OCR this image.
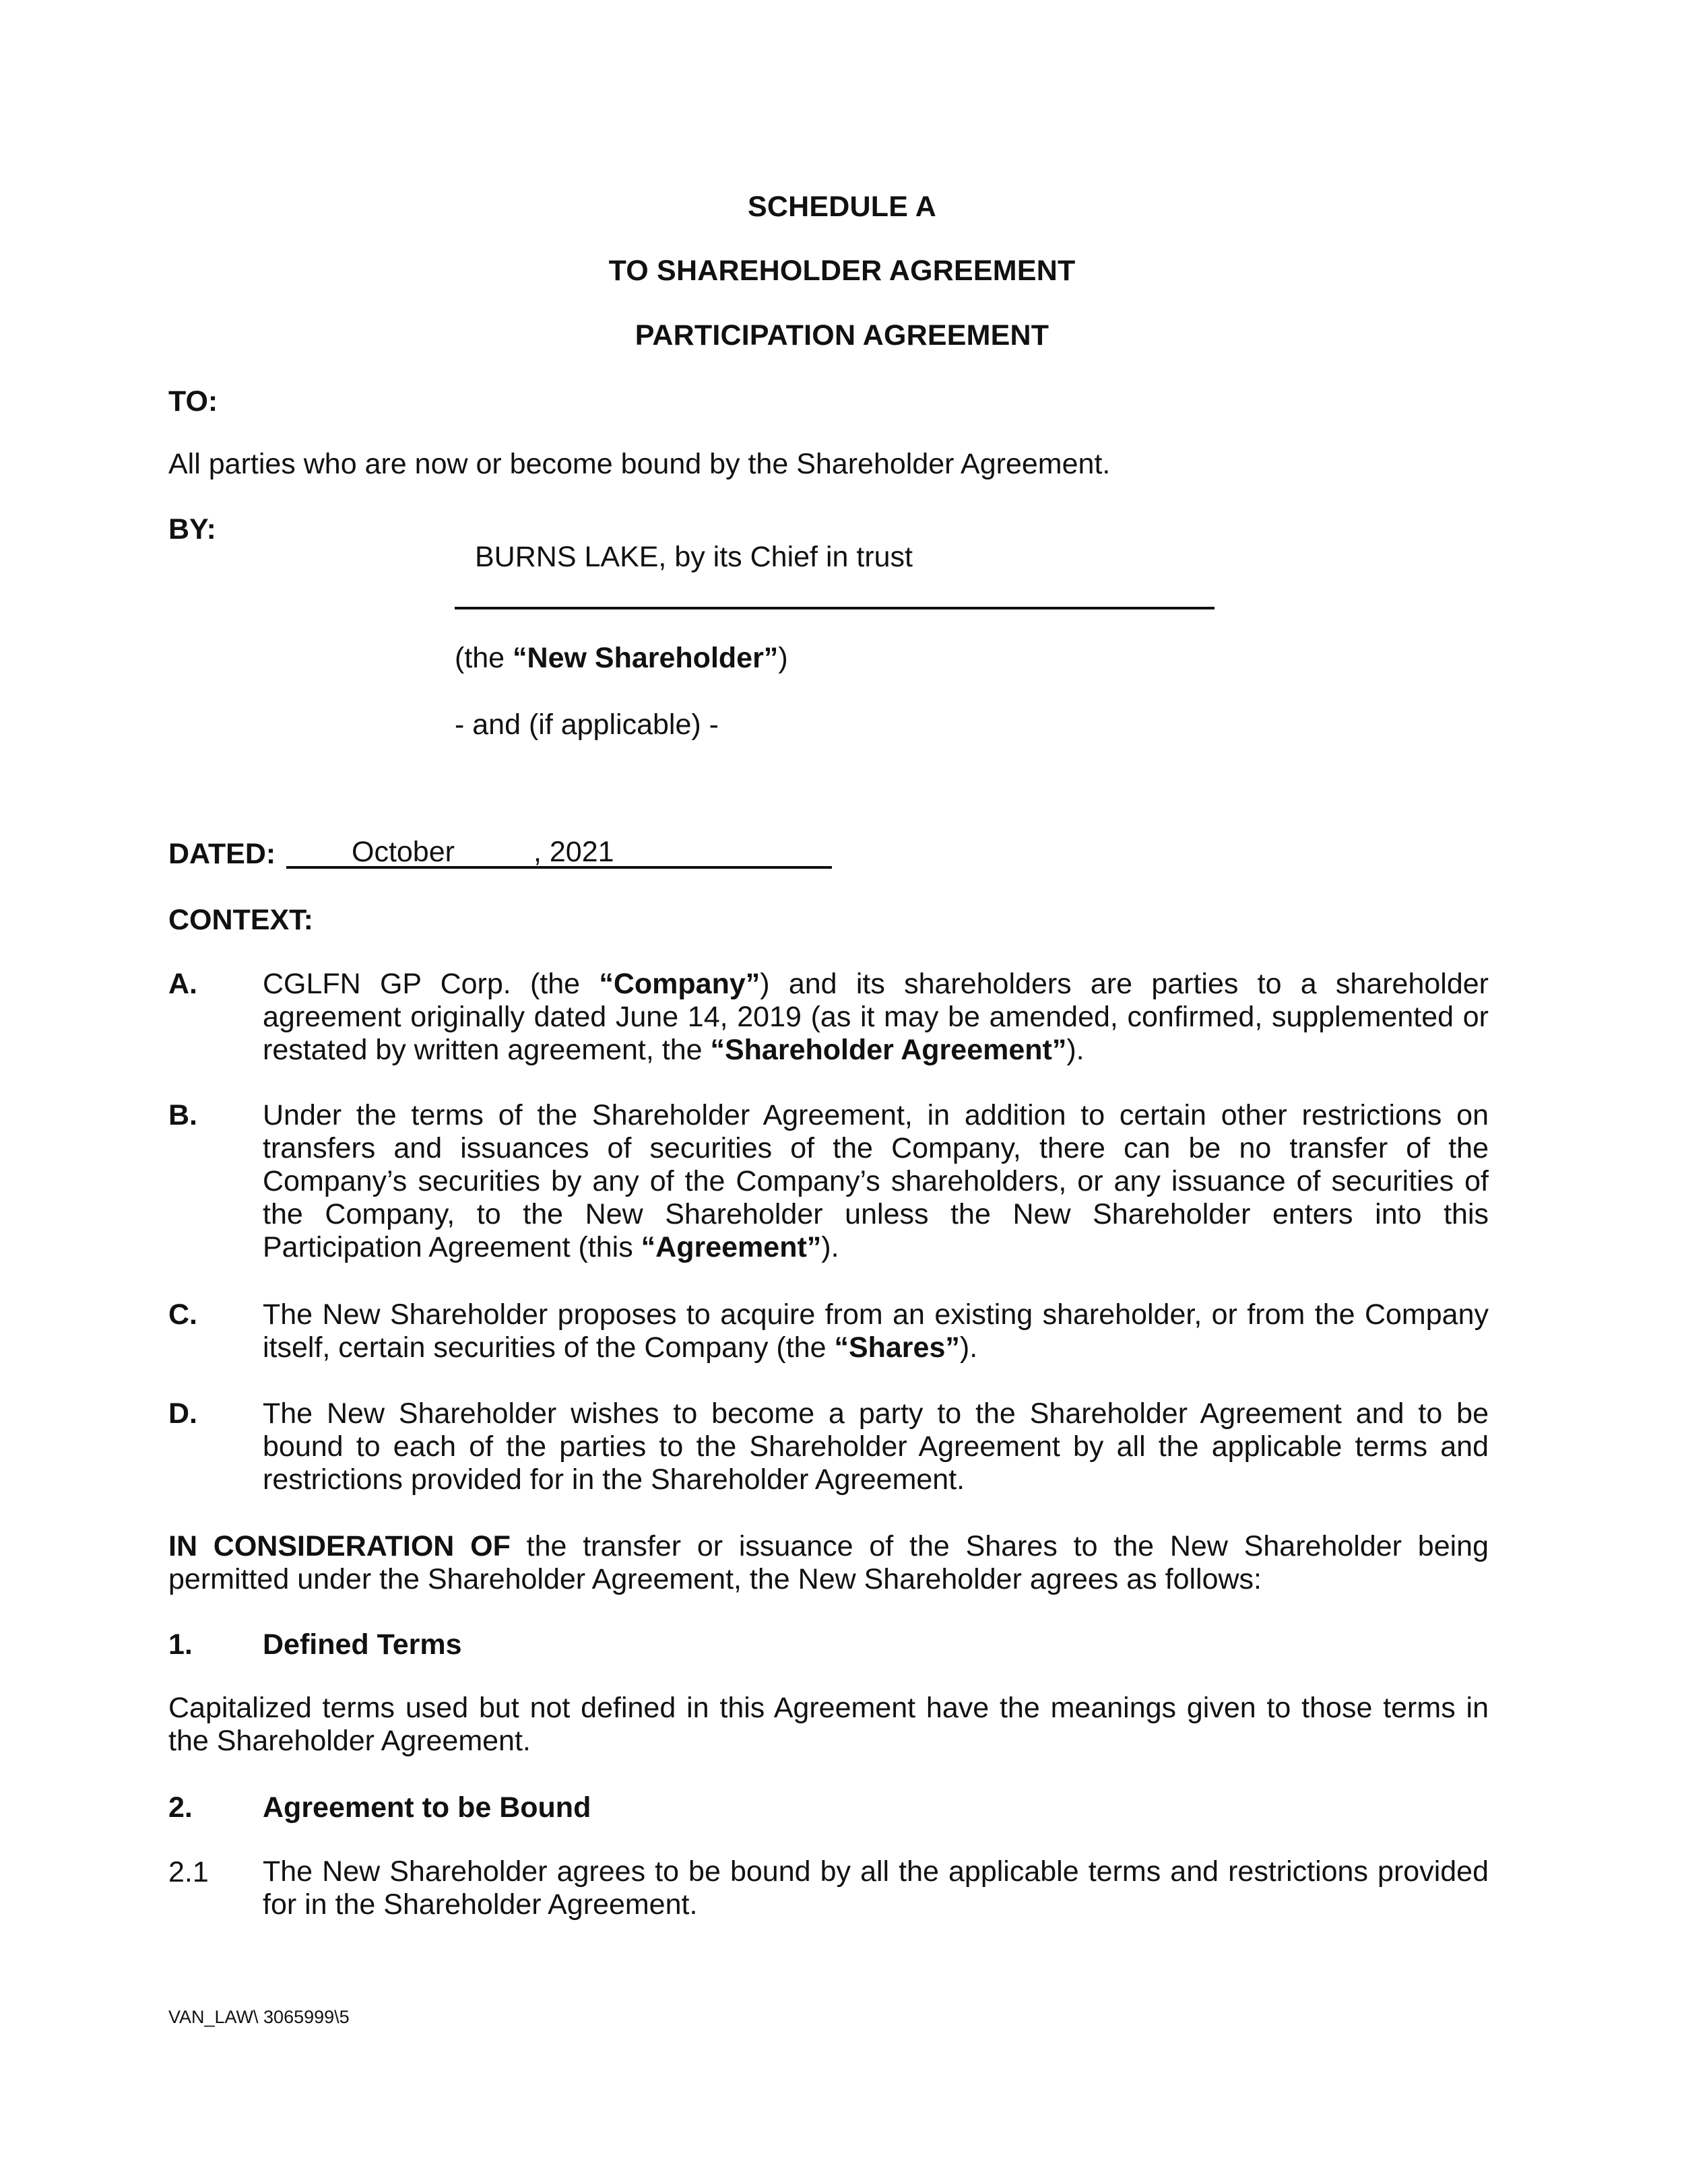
SCHEDULE A
TO SHAREHOLDER AGREEMENT
PARTICIPATION AGREEMENT
TO:
All parties who are now or become bound by the Shareholder Agreement.
BY:
BURNS LAKE, by its Chief in trust
(the “New Shareholder”)
- and (if applicable) -
DATED:	October	, 2021
CONTEXT:
A. CGLFN GP Corp. (the “Company”) and its shareholders are parties to a shareholder agreement originally dated June 14, 2019 (as it may be amended, confirmed, supplemented or restated by written agreement, the “Shareholder Agreement”).
B. Under the terms of the Shareholder Agreement, in addition to certain other restrictions on transfers and issuances of securities of the Company, there can be no transfer of the Company’s securities by any of the Company’s shareholders, or any issuance of securities of the Company, to the New Shareholder unless the New Shareholder enters into this Participation Agreement (this “Agreement”).
C. The New Shareholder proposes to acquire from an existing shareholder, or from the Company itself, certain securities of the Company (the “Shares”).
D. The New Shareholder wishes to become a party to the Shareholder Agreement and to be bound to each of the parties to the Shareholder Agreement by all the applicable terms and restrictions provided for in the Shareholder Agreement.
IN CONSIDERATION OF the transfer or issuance of the Shares to the New Shareholder being permitted under the Shareholder Agreement, the New Shareholder agrees as follows:
1. Defined Terms
Capitalized terms used but not defined in this Agreement have the meanings given to those terms in the Shareholder Agreement.
2. Agreement to be Bound
2.1 The New Shareholder agrees to be bound by all the applicable terms and restrictions provided for in the Shareholder Agreement.
VAN_LAW\ 3065999\5
